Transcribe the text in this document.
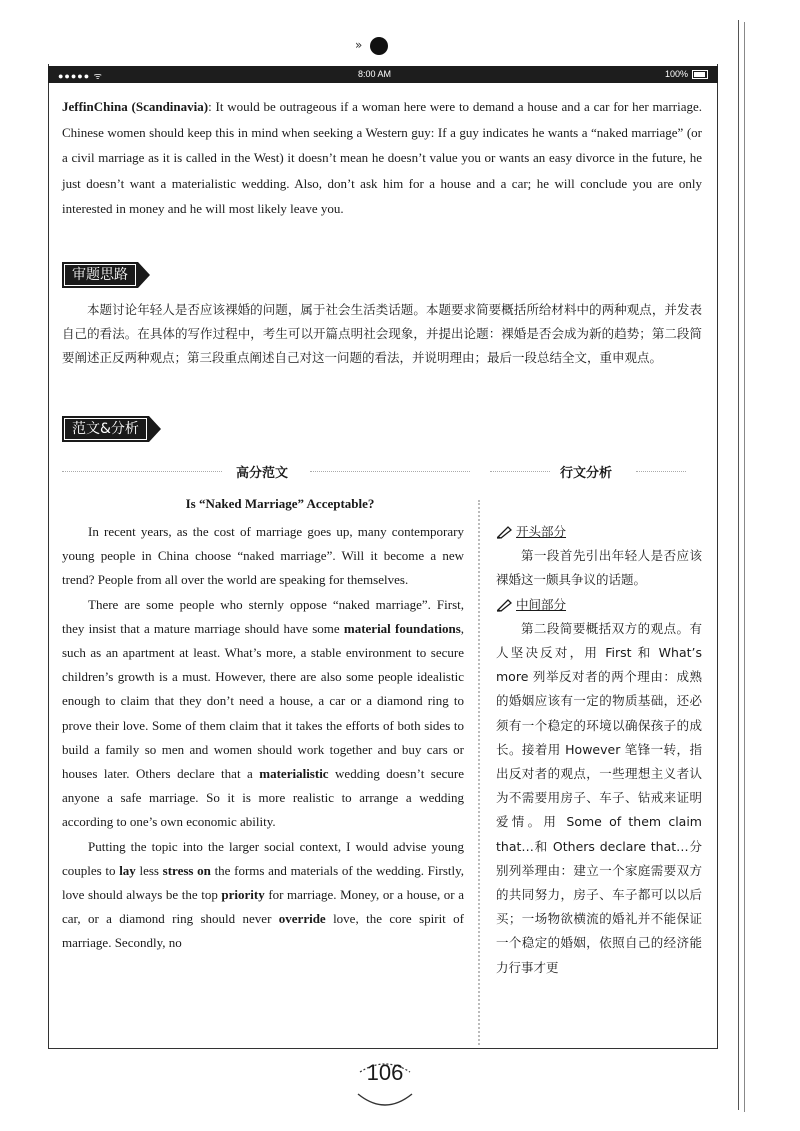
»
●●●●● ᯤ	8:00 AM	100%
JeffinChina (Scandinavia): It would be outrageous if a woman here were to demand a house and a car for her marriage. Chinese women should keep this in mind when seeking a Western guy: If a guy indicates he wants a “naked marriage” (or a civil marriage as it is called in the West) it doesn’t mean he doesn’t value you or wants an easy divorce in the future, he just doesn’t want a materialistic wedding. Also, don’t ask him for a house and a car; he will conclude you are only interested in money and he will most likely leave you.
审题思路
本题讨论年轻人是否应该裸婚的问题，属于社会生活类话题。本题要求简要概括所给材料中的两种观点，并发表自己的看法。在具体的写作过程中，考生可以开篇点明社会现象，并提出论题：裸婚是否会成为新的趋势；第二段简要阐述正反两种观点；第三段重点阐述自己对这一问题的看法，并说明理由；最后一段总结全文，重申观点。
范文&分析
高分范文	行文分析
Is “Naked Marriage” Acceptable?

In recent years, as the cost of marriage goes up, many contemporary young people in China choose “naked marriage”. Will it become a new trend? People from all over the world are speaking for themselves.

There are some people who sternly oppose “naked marriage”. First, they insist that a mature marriage should have some material foundations, such as an apartment at least. What’s more, a stable environment to secure children’s growth is a must. However, there are also some people idealistic enough to claim that they don’t need a house, a car or a diamond ring to prove their love. Some of them claim that it takes the efforts of both sides to build a family so men and women should work together and buy cars or houses later. Others declare that a materialistic wedding doesn’t secure anyone a safe marriage. So it is more realistic to arrange a wedding according to one’s own economic ability.

Putting the topic into the larger social context, I would advise young couples to lay less stress on the forms and materials of the wedding. Firstly, love should always be the top priority for marriage. Money, or a house, or a car, or a diamond ring should never override love, the core spirit of marriage. Secondly, no

开头部分

第一段首先引出年轻人是否应该裸婚这一颇具争议的话题。

中间部分

第二段简要概括双方的观点。有人坚决反对，用 First 和 What’s more 列举反对者的两个理由：成熟的婚姻应该有一定的物质基础，还必须有一个稳定的环境以确保孩子的成长。接着用 However 笔锋一转，指出反对者的观点，一些理想主义者认为不需要用房子、车子、钻戒来证明爱情。用 Some of them claim that…和 Others declare that…分别列举理由：建立一个家庭需要双方的共同努力，房子、车子都可以以后买；一场物欲横流的婚礼并不能保证一个稳定的婚姻，依照自己的经济能力行事才更

106
